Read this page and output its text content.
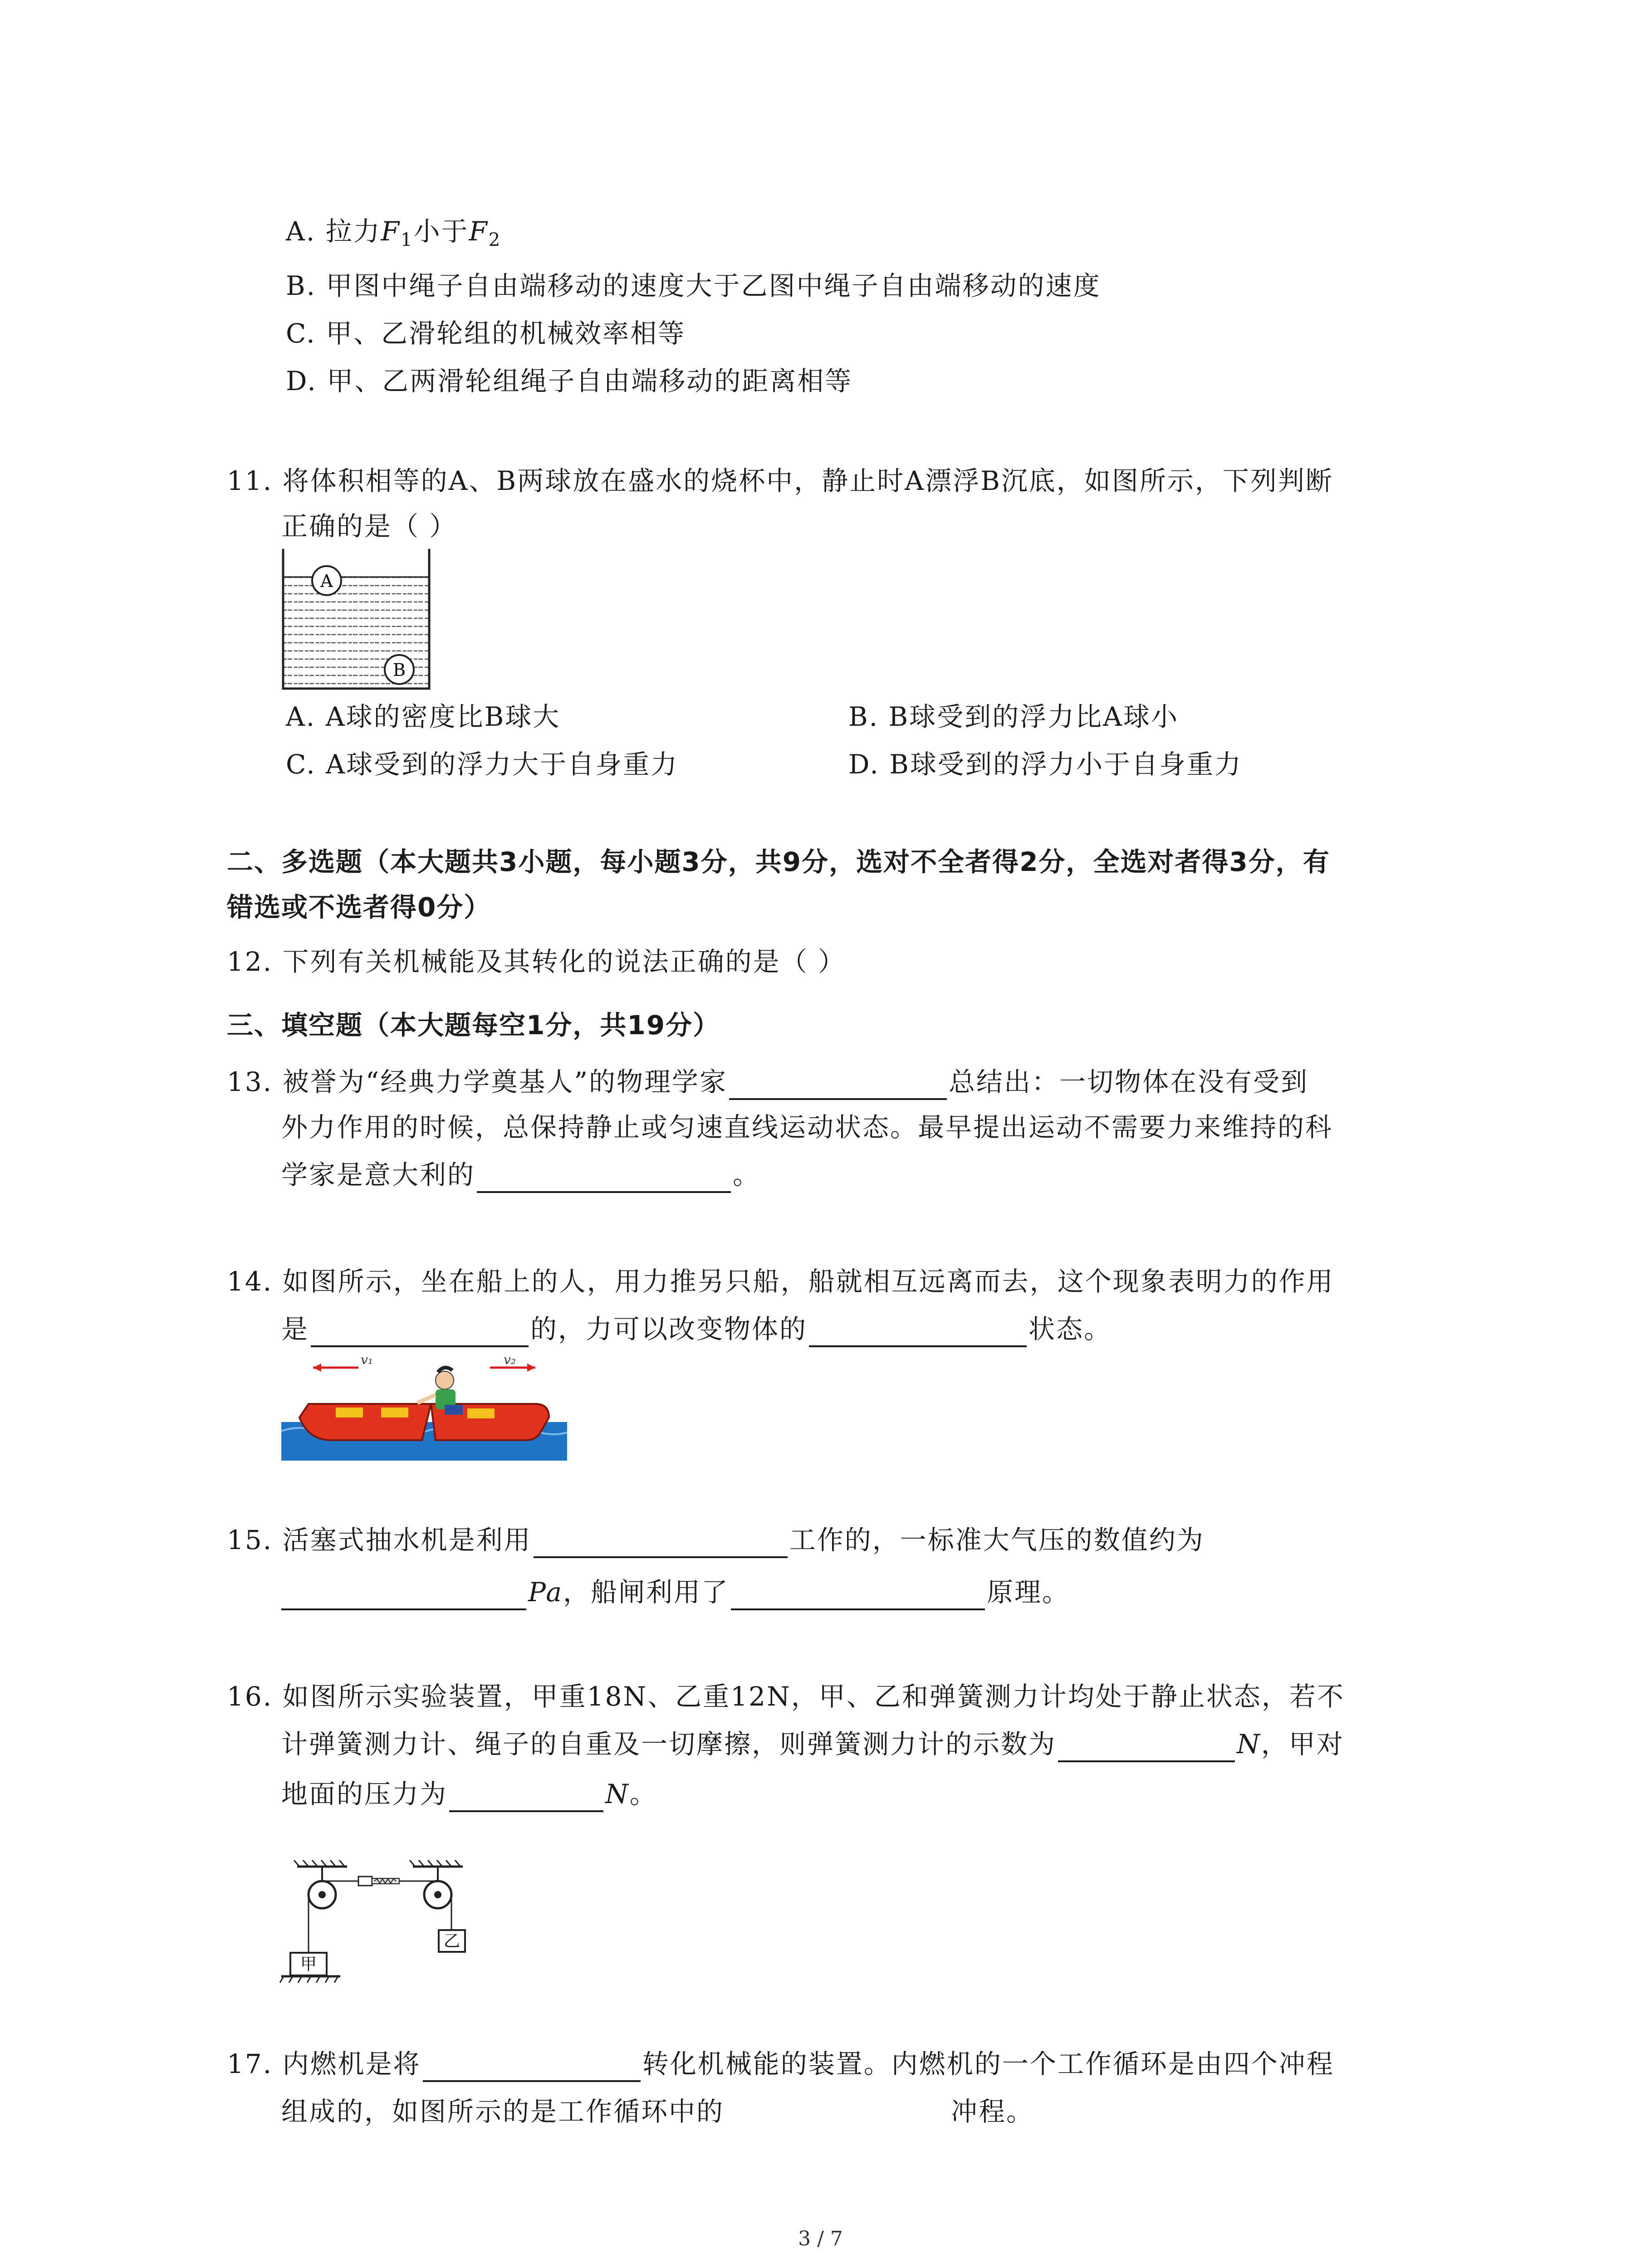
A. 拉力$F_1$小于$F_2$
B. 甲图中绳子自由端移动的速度大于乙图中绳子自由端移动的速度
C. 甲、乙滑轮组的机械效率相等
D. 甲、乙两滑轮组绳子自由端移动的距离相等
11. 将体积相等的A、B两球放在盛水的烧杯中，静止时A漂浮B沉底，如图所示，下列判断
正确的是（ ）
A
B
A. A球的密度比B球大	B. B球受到的浮力比A球小
C. A球受到的浮力大于自身重力	D. B球受到的浮力小于自身重力
二、多选题（本大题共3小题，每小题3分，共9分，选对不全者得2分，全选对者得3分，有
错选或不选者得0分）
12. 下列有关机械能及其转化的说法正确的是（ ）
三、填空题（本大题每空1分，共19分）
13. 被誉为“经典力学奠基人”的物理学家	总结出：一切物体在没有受到
外力作用的时候，总保持静止或匀速直线运动状态。最早提出运动不需要力来维持的科
学家是意大利的	。
14. 如图所示，坐在船上的人，用力推另只船，船就相互远离而去，这个现象表明力的作用
是	的，力可以改变物体的	状态。
v₁	v₂
15. 活塞式抽水机是利用	工作的，一标准大气压的数值约为
Pa，船闸利用了	原理。
16. 如图所示实验装置，甲重18N、乙重12N，甲、乙和弹簧测力计均处于静止状态，若不
计弹簧测力计、绳子的自重及一切摩擦，则弹簧测力计的示数为	N，甲对
地面的压力为	N。
甲
乙
17. 内燃机是将	转化机械能的装置。内燃机的一个工作循环是由四个冲程
组成的，如图所示的是工作循环中的	冲程。
3 / 7
